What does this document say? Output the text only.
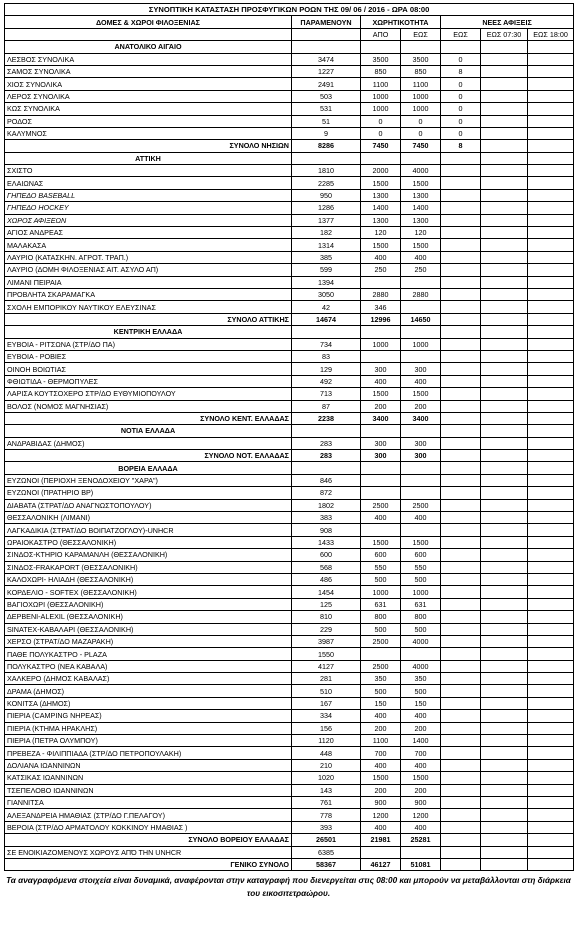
ΣΥΝΟΠΤΙΚΗ ΚΑΤΑΣΤΑΣΗ ΠΡΟΣΦΥΓΙΚΩΝ ΡΟΩΝ ΤΗΣ 09/ 06 / 2016 - ΩΡΑ 08:00						
ΔΟΜΕΣ & ΧΩΡΟΙ ΦΙΛΟΞΕΝΙΑΣ	ΠΑΡΑΜΕΝΟΥΝ	ΧΩΡΗΤΙΚΟΤΗΤΑ		ΝΕΕΣ ΑΦΙΞΕΙΣ		
		ΑΠΟ	ΕΩΣ	ΕΩΣ	ΕΩΣ 07:30	ΕΩΣ 18:00
ΑΝΑΤΟΛΙΚΟ ΑΙΓΑΙΟ						
ΛΕΣΒΟΣ ΣΥΝΟΛΙΚΑ	3474	3500	3500	0		
ΣΑΜΟΣ ΣΥΝΟΛΙΚΑ	1227	850	850	8		
ΧΙΟΣ ΣΥΝΟΛΙΚΑ	2491	1100	1100	0		
ΛΕΡΟΣ ΣΥΝΟΛΙΚΑ	503	1000	1000	0		
ΚΩΣ ΣΥΝΟΛΙΚΑ	531	1000	1000	0		
ΡΟΔΟΣ	51	0	0	0		
ΚΑΛΥΜΝΟΣ	9	0	0	0		
ΣΥΝΟΛΟ ΝΗΣΙΩΝ	8286	7450	7450	8		
ΑΤΤΙΚΗ						
ΣΧΙΣΤΟ	1810	2000	4000			
ΕΛΑΙΩΝΑΣ	2285	1500	1500			
ΓΗΠΕΔΟ BASEBALL	950	1300	1300			
ΓΗΠΕΔΟ HOCKEY	1286	1400	1400			
ΧΩΡΟΣ ΑΦΙΞΕΩΝ	1377	1300	1300			
ΑΓΙΟΣ ΑΝΔΡΕΑΣ	182	120	120			
ΜΑΛΑΚΑΣΑ	1314	1500	1500			
ΛΑΥΡΙΟ (ΚΑΤΑΣΚΗΝ. ΑΓΡΟΤ. ΤΡΑΠ.)	385	400	400			
ΛΑΥΡΙΟ (ΔΟΜΗ ΦΙΛΟΞΕΝΙΑΣ ΑΙΤ. ΑΣΥΛΟ ΑΠ)	599	250	250			
ΛΙΜΑΝΙ ΠΕΙΡΑΙΑ	1394					
ΠΡΟΒΛΗΤΑ ΣΚΑΡΑΜΑΓΚΑ	3050	2880	2880			
ΣΧΟΛΗ ΕΜΠΟΡΙΚΟΥ ΝΑΥΤΙΚΟΥ ΕΛΕΥΣΙΝΑΣ	42	346				
ΣΥΝΟΛΟ ΑΤΤΙΚΗΣ	14674	12996	14650			
ΚΕΝΤΡΙΚΗ ΕΛΛΑΔΑ						
ΕΥΒΟΙΑ - ΡΙΤΣΩΝΑ (ΣΤΡ/ΔΟ ΠΑ)	734	1000	1000			
ΕΥΒΟΙΑ - ΡΟΒΙΕΣ	83					
ΟΙΝΟΗ ΒΟΙΩΤΙΑΣ	129	300	300			
ΦΘΙΩΤΙΔΑ - ΘΕΡΜΟΠΥΛΕΣ	492	400	400			
ΛΑΡΙΣΑ ΚΟΥΤΣΟΧΕΡΟ ΣΤΡ/ΔΟ ΕΥΘΥΜΙΟΠΟΥΛΟΥ	713	1500	1500			
ΒΟΛΟΣ (ΝΟΜΟΣ ΜΑΓΝΗΣΙΑΣ)	87	200	200			
ΣΥΝΟΛΟ ΚΕΝΤ. ΕΛΛΑΔΑΣ	2238	3400	3400			
ΝΟΤΙΑ ΕΛΛΑΔΑ						
ΑΝΔΡΑΒΙΔΑΣ (ΔΗΜΟΣ)	283	300	300			
ΣΥΝΟΛΟ ΝΟΤ. ΕΛΛΑΔΑΣ	283	300	300			
ΒΟΡΕΙΑ ΕΛΛΑΔΑ						
ΕΥΖΩΝΟΙ (ΠΕΡΙΟΧΗ ΞΕΝΟΔΟΧΕΙΟΥ "ΧΑΡΑ")	846					
ΕΥΖΩΝΟΙ (ΠΡΑΤΗΡΙΟ BP)	872					
ΔΙΑΒΑΤΑ (ΣΤΡΑΤ/ΔΟ ΑΝΑΓΝΩΣΤΟΠΟΥΛΟΥ)	1802	2500	2500			
ΘΕΣΣΑΛΟΝΙΚΗ (ΛΙΜΑΝΙ)	383	400	400			
ΛΑΓΚΑΔΙΚΙΑ (ΣΤΡΑΤ/ΔΟ ΒΟΙΠΑΤΖΟΓΛΟΥ)-UNHCR	908					
ΩΡΑΙΟΚΑΣΤΡΟ (ΘΕΣΣΑΛΟΝΙΚΗ)	1433	1500	1500			
ΣΙΝΔΟΣ-ΚΤΗΡΙΟ ΚΑΡΑΜΑΝΛΗ (ΘΕΣΣΑΛΟΝΙΚΗ)	600	600	600			
ΣΙΝΔΟΣ-FRAKAPORT (ΘΕΣΣΑΛΟΝΙΚΗ)	568	550	550			
ΚΑΛΟΧΩΡΙ- ΗΛΙΑΔΗ (ΘΕΣΣΑΛΟΝΙΚΗ)	486	500	500			
ΚΟΡΔΕΛΙΟ - SOFTEX (ΘΕΣΣΑΛΟΝΙΚΗ)	1454	1000	1000			
ΒΑΓΙΟΧΩΡΙ (ΘΕΣΣΑΛΟΝΙΚΗ)	125	631	631			
ΔΕΡΒΕΝΙ-ALEXIL (ΘΕΣΣΑΛΟΝΙΚΗ)	810	800	800			
SINATEX-ΚΑΒΑΛΑΡΙ (ΘΕΣΣΑΛΟΝΙΚΗ)	229	500	500			
ΧΕΡΣΟ (ΣΤΡΑΤ/ΔΟ ΜΑΖΑΡΑΚΗ)	3987	2500	4000			
ΠΑΘΕ ΠΟΛΥΚΑΣΤΡΟ - PLAZA	1550					
ΠΟΛΥΚΑΣΤΡΟ (ΝΕΑ ΚΑΒΑΛΑ)	4127	2500	4000			
ΧΑΛΚΕΡΟ (ΔΗΜΟΣ ΚΑΒΑΛΑΣ)	281	350	350			
ΔΡΑΜΑ (ΔΗΜΟΣ)	510	500	500			
ΚΟΝΙΤΣΑ (ΔΗΜΟΣ)	167	150	150			
ΠΙΕΡΙΑ (CAMPING ΝΗΡΕΑΣ)	334	400	400			
ΠΙΕΡΙΑ (ΚΤΗΜΑ ΗΡΑΚΛΗΣ)	156	200	200			
ΠΙΕΡΙΑ (ΠΕΤΡΑ ΟΛΥΜΠΟΥ)	1120	1100	1400			
ΠΡΕΒΕΖΑ - ΦΙΛΙΠΠΙΑΔΑ (ΣΤΡ/ΔΟ ΠΕΤΡΟΠΟΥΛΑΚΗ)	448	700	700			
ΔΟΛΙΑΝΑ ΙΩΑΝΝΙΝΩΝ	210	400	400			
ΚΑΤΣΙΚΑΣ ΙΩΑΝΝΙΝΩΝ	1020	1500	1500			
ΤΣΕΠΕΛΟΒΟ ΙΩΑΝΝΙΝΩΝ	143	200	200			
ΓΙΑΝΝΙΤΣΑ	761	900	900			
ΑΛΕΞΑΝΔΡΕΙΑ ΗΜΑΘΙΑΣ (ΣΤΡ/ΔΟ Γ.ΠΕΛΑΓΟΥ)	778	1200	1200			
ΒΕΡΟΙΑ (ΣΤΡ/ΔΟ ΑΡΜΑΤΟΛΟΥ ΚΟΚΚΙΝΟΥ ΗΜΑΘΙΑΣ )	393	400	400			
ΣΥΝΟΛΟ ΒΟΡΕΙΟΥ ΕΛΛΑΔΑΣ	26501	21981	25281			
ΣΕ ΕΝΟΙΚΙΑΖΟΜΕΝΟΥΣ ΧΩΡΟΥΣ ΑΠΌ ΤΗΝ UNHCR	6385					
ΓΕΝΙΚΟ ΣΥΝΟΛΟ	58367	46127	51081			
Τα αναγραφόμενα στοιχεία είναι δυναμικά, αναφέρονται στην καταγραφή που διενεργείται στις 08:00 και μπορούν να μεταβάλλονται στη διάρκεια του εικοσιτετραώρου.
